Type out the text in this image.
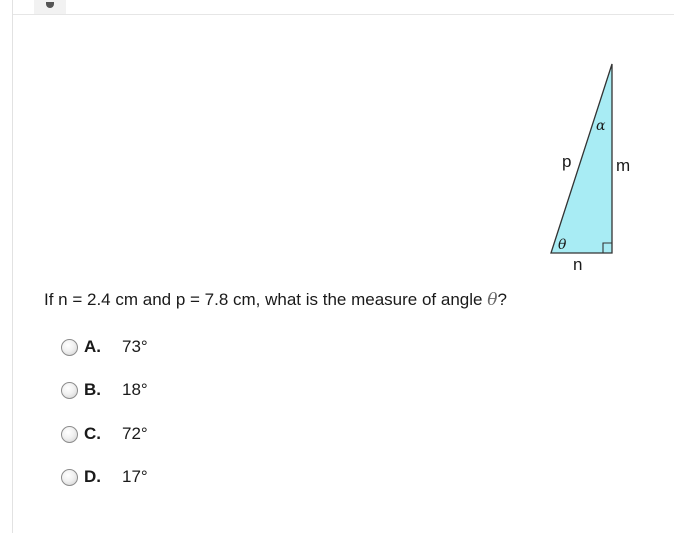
p	m
n
α
θ
If n = 2.4 cm and p = 7.8 cm, what is the measure of angle θ?
A.	73°
B.	18°
C.	72°
D.	17°
